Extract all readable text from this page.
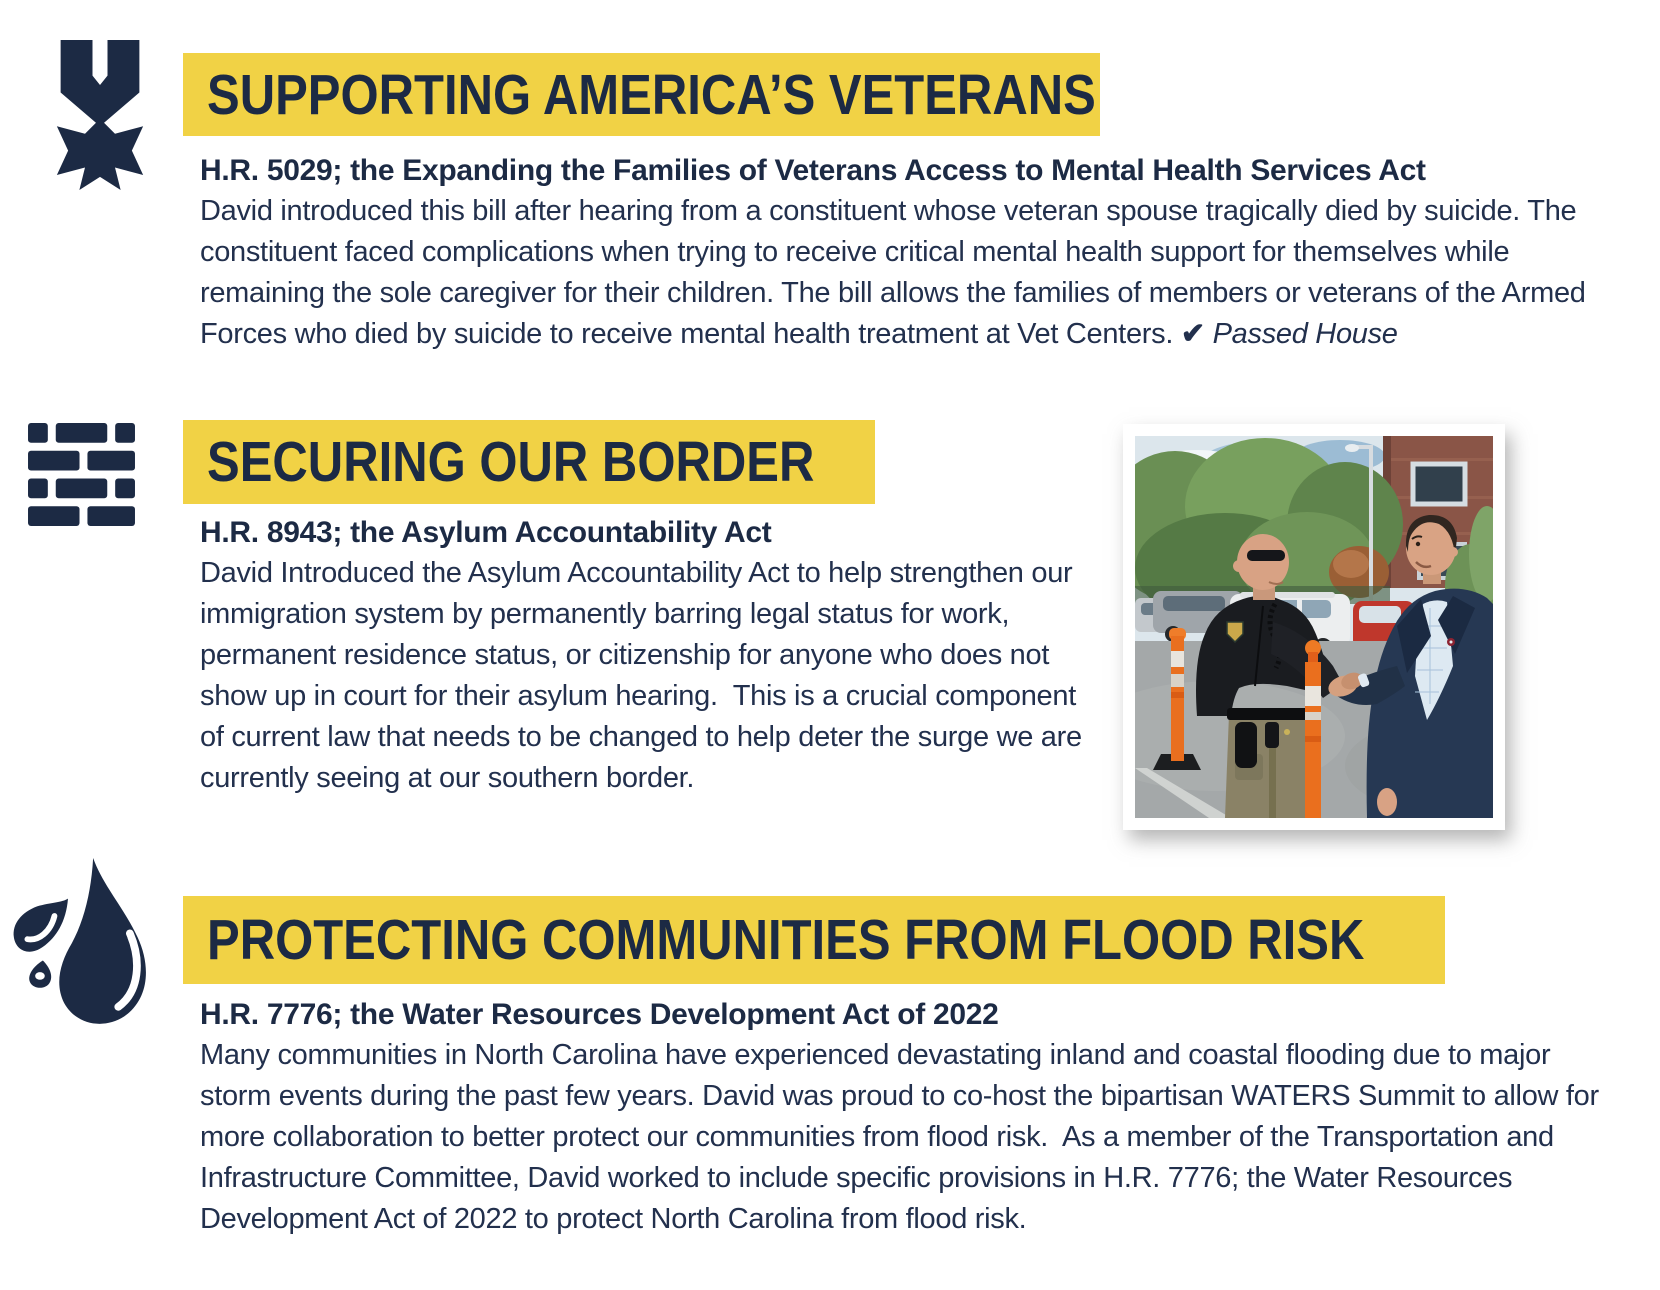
SUPPORTING AMERICA’S VETERANS

H.R. 5029; the Expanding the Families of Veterans Access to Mental Health Services Act

David introduced this bill after hearing from a constituent whose veteran spouse tragically died by suicide. The constituent faced complications when trying to receive critical mental health support for themselves while remaining the sole caregiver for their children. The bill allows the families of members or veterans of the Armed Forces who died by suicide to receive mental health treatment at Vet Centers. ✔ Passed House

SECURING OUR BORDER

H.R. 8943; the Asylum Accountability Act

David Introduced the Asylum Accountability Act to help strengthen our immigration system by permanently barring legal status for work, permanent residence status, or citizenship for anyone who does not show up in court for their asylum hearing.  This is a crucial component of current law that needs to be changed to help deter the surge we are currently seeing at our southern border.

PROTECTING COMMUNITIES FROM FLOOD RISK

H.R. 7776; the Water Resources Development Act of 2022

Many communities in North Carolina have experienced devastating inland and coastal flooding due to major storm events during the past few years. David was proud to co-host the bipartisan WATERS Summit to allow for more collaboration to better protect our communities from flood risk.  As a member of the Transportation and Infrastructure Committee, David worked to include specific provisions in H.R. 7776; the Water Resources Development Act of 2022 to protect North Carolina from flood risk.
